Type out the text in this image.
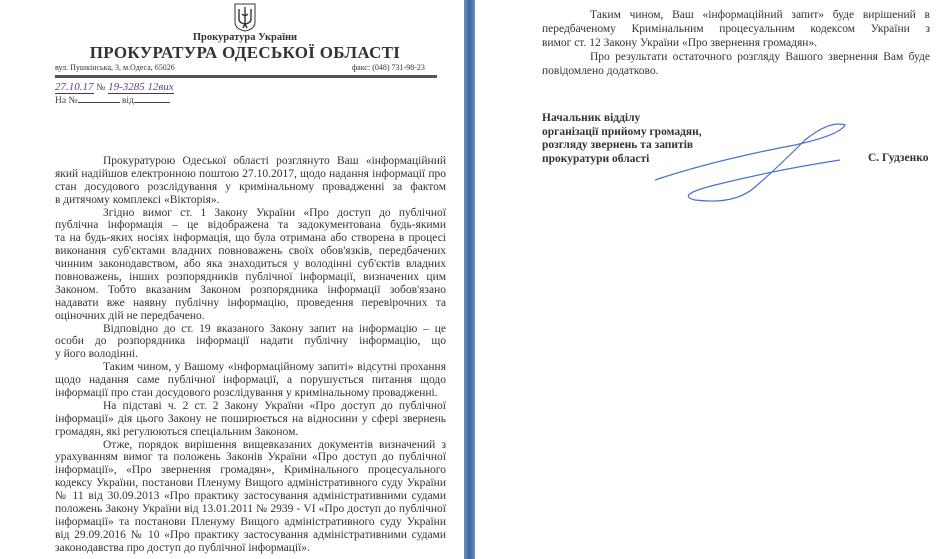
Прокуратура України
ПРОКУРАТУРА ОДЕСЬКОЇ ОБЛАСТІ
вул. Пушкінська, 3, м.Одеса, 65026	факс: (048) 731-98-23
27.10.17 № 19-3285 12вих
На №	від
Прокуратурою Одеської області розглянуто Ваш «інформаційний
який надійшов електронною поштою 27.10.2017, щодо надання інформації про
стан досудового розслідування у кримінальному провадженні за фактом
в дитячому комплексі «Вікторія».
Згідно вимог ст. 1 Закону України «Про доступ до публічної
публічна інформація – це відображена та задокументована будь-якими
та на будь-яких носіях інформація, що була отримана або створена в процесі
виконання суб'єктами владних повноважень своїх обов'язків, передбачених
чинним законодавством, або яка знаходиться у володінні суб'єктів владних
повноважень, інших розпорядників публічної інформації, визначених цим
Законом. Тобто вказаним Законом розпорядника інформації зобов'язано
надавати вже наявну публічну інформацію, проведення перевірочних та
оціночних дій не передбачено.
Відповідно до ст. 19 вказаного Закону запит на інформацію – це
особи до розпорядника інформації надати публічну інформацію, що
у його володінні.
Таким чином, у Вашому «інформаційному запиті» відсутні прохання
щодо надання саме публічної інформації, а порушується питання щодо
інформації про стан досудового розслідування у кримінальному провадженні.
На підставі ч. 2 ст. 2 Закону України «Про доступ до публічної
інформації» дія цього Закону не поширюється на відносини у сфері звернень
громадян, які регулюються спеціальним Законом.
Отже, порядок вирішення вищевказаних документів визначений з
урахуванням вимог та положень Законів України «Про доступ до публічної
інформації», «Про звернення громадян», Кримінального процесуального
кодексу України, постанови Пленуму Вищого адміністративного суду України
№ 11 від 30.09.2013 «Про практику застосування адміністративними судами
положень Закону України від 13.01.2011 № 2939 - VI «Про доступ до публічної
інформації» та постанови Пленуму Вищого адміністративного суду України
від 29.09.2016 № 10 «Про практику застосування адміністративними судами
законодавства про доступ до публічної інформації».
Таким чином, Ваш «інформаційний запит» буде вирішений в
передбаченому Кримінальним процесуальним кодексом України з
вимог ст. 12 Закону України «Про звернення громадян».
Про результати остаточного розгляду Вашого звернення Вам буде
повідомлено додатково.
Начальник відділу
організації прийому громадян,
розгляду звернень та запитів
прокуратури області	С. Гудзенко
